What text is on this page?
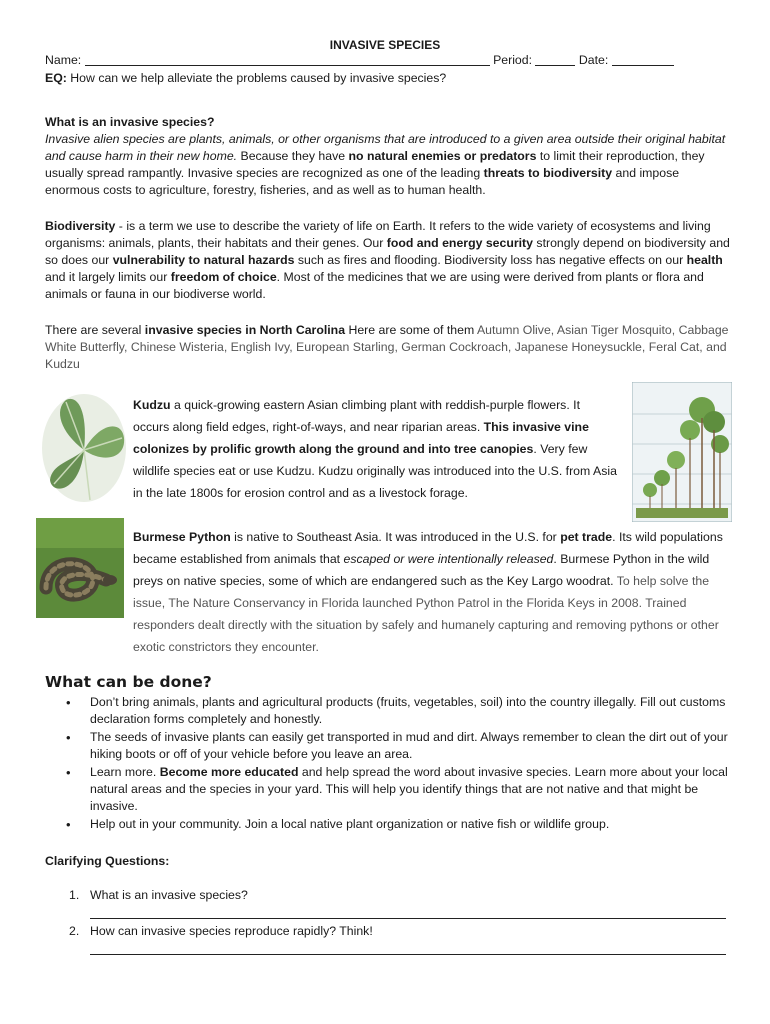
INVASIVE SPECIES
Name:	Period:	Date:
EQ: How can we help alleviate the problems caused by invasive species?
What is an invasive species?
Invasive alien species are plants, animals, or other organisms that are introduced to a given area outside their original habitat and cause harm in their new home. Because they have no natural enemies or predators to limit their reproduction, they usually spread rampantly. Invasive species are recognized as one of the leading threats to biodiversity and impose enormous costs to agriculture, forestry, fisheries, and as well as to human health.
Biodiversity - is a term we use to describe the variety of life on Earth. It refers to the wide variety of ecosystems and living organisms: animals, plants, their habitats and their genes. Our food and energy security strongly depend on biodiversity and so does our vulnerability to natural hazards such as fires and flooding. Biodiversity loss has negative effects on our health and it largely limits our freedom of choice. Most of the medicines that we are using were derived from plants or flora and animals or fauna in our biodiverse world.
There are several invasive species in North Carolina Here are some of them Autumn Olive, Asian Tiger Mosquito, Cabbage White Butterfly, Chinese Wisteria, English Ivy, European Starling, German Cockroach, Japanese Honeysuckle, Feral Cat, and Kudzu
Kudzu a quick-growing eastern Asian climbing plant with reddish-purple flowers. It occurs along field edges, right-of-ways, and near riparian areas. This invasive vine colonizes by prolific growth along the ground and into tree canopies. Very few wildlife species eat or use Kudzu. Kudzu originally was introduced into the U.S. from Asia in the late 1800s for erosion control and as a livestock forage.
Burmese Python is native to Southeast Asia. It was introduced in the U.S. for pet trade. Its wild populations became established from animals that escaped or were intentionally released. Burmese Python in the wild preys on native species, some of which are endangered such as the Key Largo woodrat. To help solve the issue, The Nature Conservancy in Florida launched Python Patrol in the Florida Keys in 2008. Trained responders dealt directly with the situation by safely and humanely capturing and removing pythons or other exotic constrictors they encounter.
What can be done?
• Don’t bring animals, plants and agricultural products (fruits, vegetables, soil) into the country illegally. Fill out customs declaration forms completely and honestly.
• The seeds of invasive plants can easily get transported in mud and dirt. Always remember to clean the dirt out of your hiking boots or off of your vehicle before you leave an area.
• Learn more. Become more educated and help spread the word about invasive species. Learn more about your local natural areas and the species in your yard. This will help you identify things that are not native and that might be invasive.
• Help out in your community. Join a local native plant organization or native fish or wildlife group.
Clarifying Questions:
1. What is an invasive species?
2. How can invasive species reproduce rapidly? Think!
